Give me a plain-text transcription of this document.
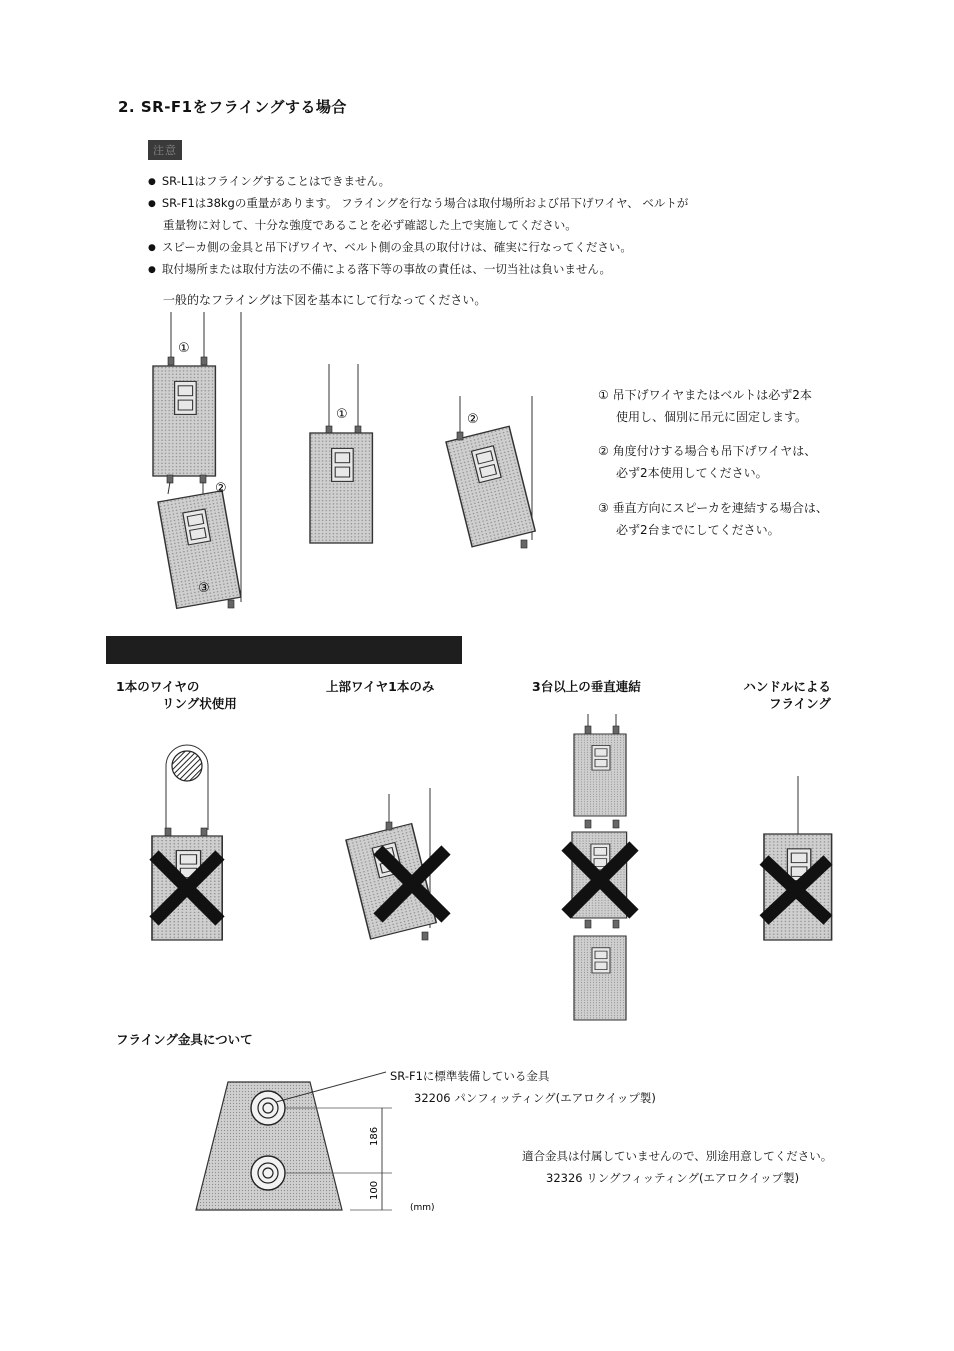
2. SR-F1をフライングする場合
注意
● SR-L1はフライングすることはできません。
● SR-F1は38kgの重量があります。 フライングを行なう場合は取付場所および吊下げワイヤ、 ベルトが
重量物に対して、十分な強度であることを必ず確認した上で実施してください。
● スピーカ側の金具と吊下げワイヤ、ベルト側の金具の取付けは、確実に行なってください。
● 取付場所または取付方法の不備による落下等の事故の責任は、一切当社は負いません。
一般的なフライングは下図を基本にして行なってください。
①
②
③
①	②
① 吊下げワイヤまたはベルトは必ず2本
使用し、個別に吊元に固定します。
② 角度付けする場合も吊下げワイヤは、
必ず2本使用してください。
③ 垂直方向にスピーカを連結する場合は、
必ず2台までにしてください。
1本のワイヤの
リング状使用
上部ワイヤ1本のみ	3台以上の垂直連結	ハンドルによる
フライング
フライング金具について
186
100
(mm)
SR-F1に標準装備している金具
32206 パンフィッティング(エアロクイップ製)
適合金具は付属していませんので、別途用意してください。
32326 リングフィッティング(エアロクイップ製)
